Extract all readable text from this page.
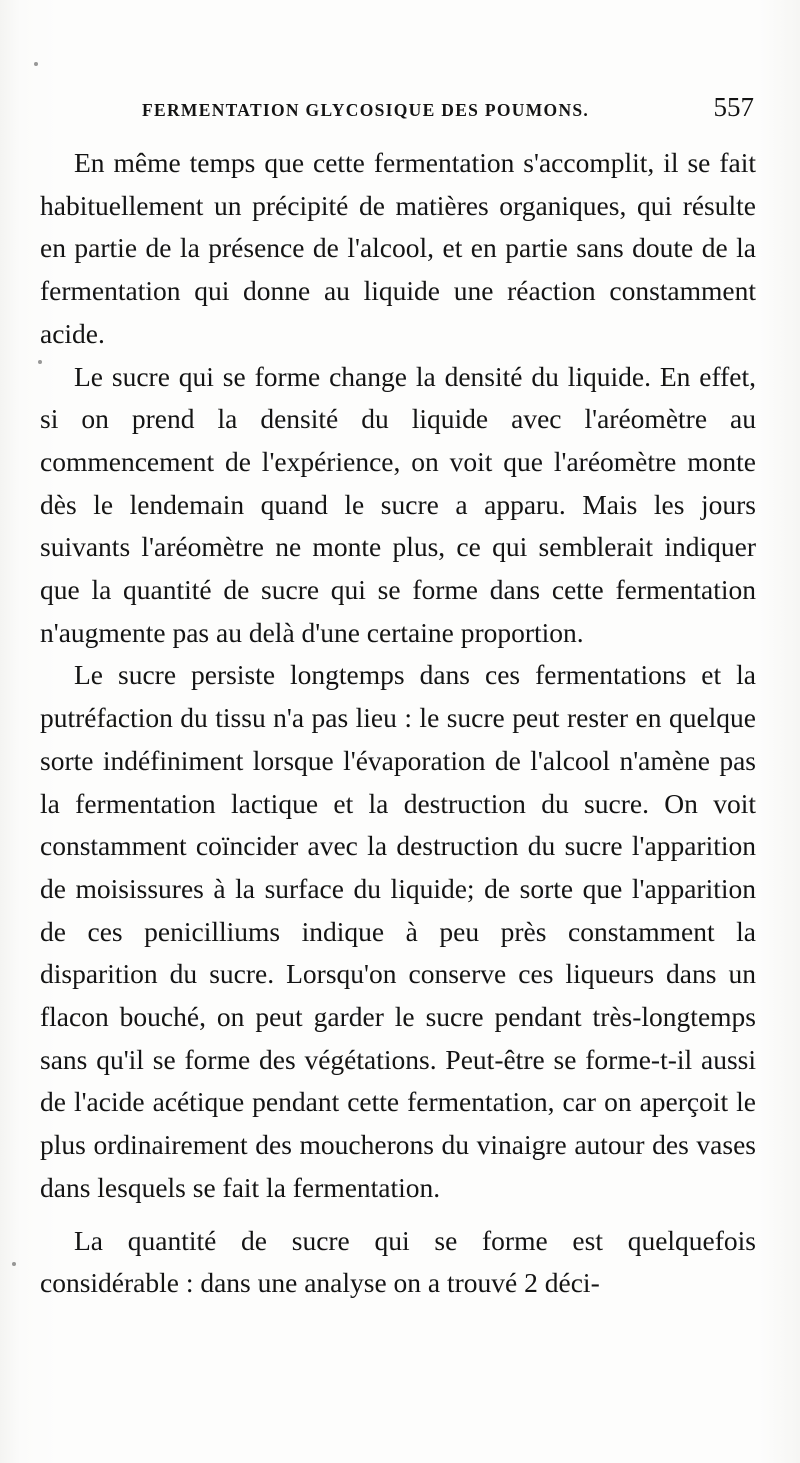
FERMENTATION GLYCOSIQUE DES POUMONS.	557

En même temps que cette fermentation s'accomplit, il se fait habituellement un précipité de matières organiques, qui résulte en partie de la présence de l'alcool, et en partie sans doute de la fermentation qui donne au liquide une réaction constamment acide.

Le sucre qui se forme change la densité du liquide. En effet, si on prend la densité du liquide avec l'aréomètre au commencement de l'expérience, on voit que l'aréomètre monte dès le lendemain quand le sucre a apparu. Mais les jours suivants l'aréomètre ne monte plus, ce qui semblerait indiquer que la quantité de sucre qui se forme dans cette fermentation n'augmente pas au delà d'une certaine proportion.

Le sucre persiste longtemps dans ces fermentations et la putréfaction du tissu n'a pas lieu : le sucre peut rester en quelque sorte indéfiniment lorsque l'évaporation de l'alcool n'amène pas la fermentation lactique et la destruction du sucre. On voit constamment coïncider avec la destruction du sucre l'apparition de moisissures à la surface du liquide; de sorte que l'apparition de ces penicilliums indique à peu près constamment la disparition du sucre. Lorsqu'on conserve ces liqueurs dans un flacon bouché, on peut garder le sucre pendant très-longtemps sans qu'il se forme des végétations. Peut-être se forme-t-il aussi de l'acide acétique pendant cette fermentation, car on aperçoit le plus ordinairement des moucherons du vinaigre autour des vases dans lesquels se fait la fermentation.

La quantité de sucre qui se forme est quelquefois considérable : dans une analyse on a trouvé 2 déci-
